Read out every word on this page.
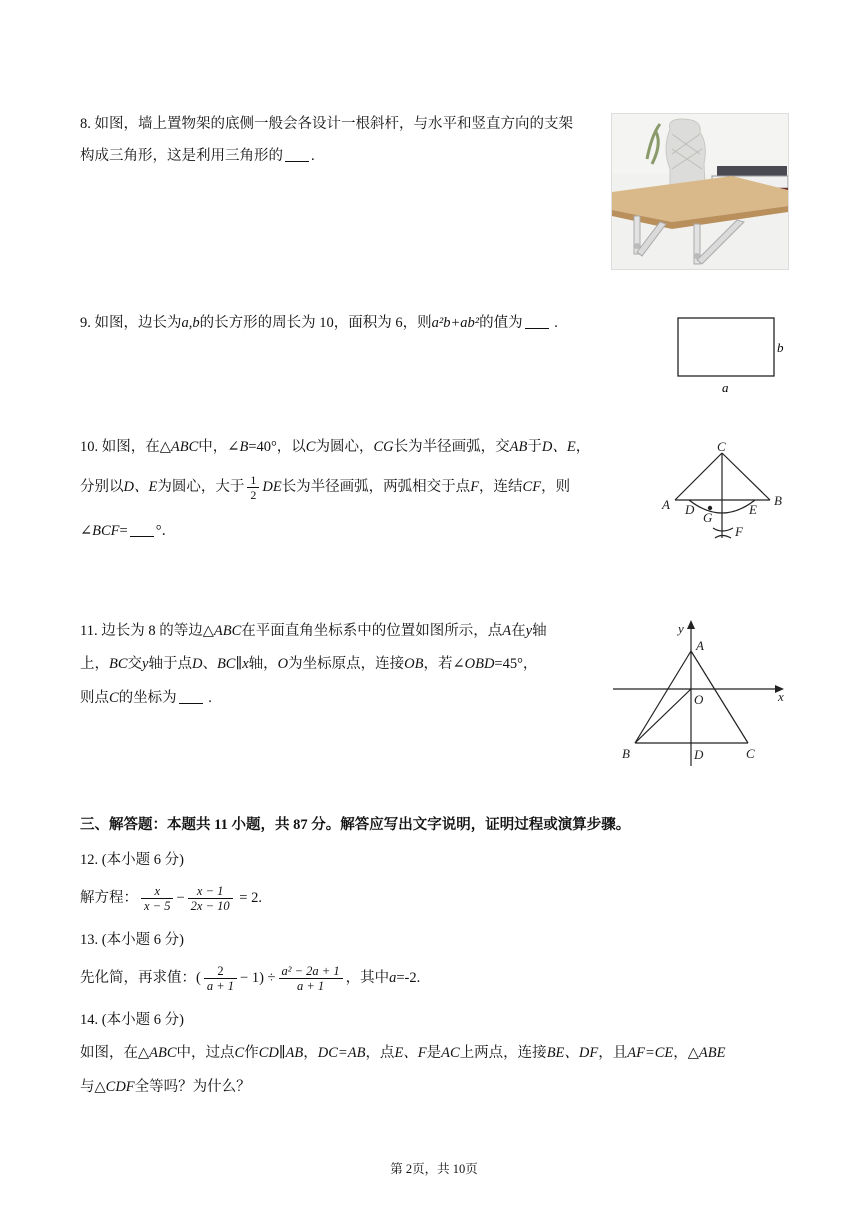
8. 如图，墙上置物架的底侧一般会各设计一根斜杆，与水平和竖直方向的支架
构成三角形，这是利用三角形的 .
9. 如图，边长为a,b的长方形的周长为 10，面积为 6，则a²b+ab²的值为 .
b
a
10. 如图，在△ABC中，∠B=40°，以C为圆心，CG长为半径画弧，交AB于D、E，
分别以D、E为圆心，大于 $\frac{1}{2}$ DE长为半径画弧，两弧相交于点F，连结CF，则
∠BCF= °．
C
A	B
D
G
E
F
11. 边长为 8 的等边△ABC在平面直角坐标系中的位置如图所示，点A在y轴
上，BC交y轴于点D、BC∥x轴，O为坐标原点，连接OB，若∠OBD=45°，
则点C的坐标为 .
y
x
A
O
B	D	C
三、解答题：本题共 11 小题，共 87 分。解答应写出文字说明，证明过程或演算步骤。
12. (本小题 6 分)
解方程： $\frac{x}{x - 5} - \frac{x - 1}{2x - 10} = 2$.
13. (本小题 6 分)
先化简，再求值：( $\frac{2}{a + 1} - 1) \div \frac{\text{a² − 2a + 1}}{a + 1}$ ，其中a=-2.
14. (本小题 6 分)
如图，在△ABC中，过点C作CD∥AB，DC=AB，点E、F是AC上两点，连接BE、DF，且AF=CE，△ABE
与△CDF全等吗？为什么？
第 2页，共 10页
